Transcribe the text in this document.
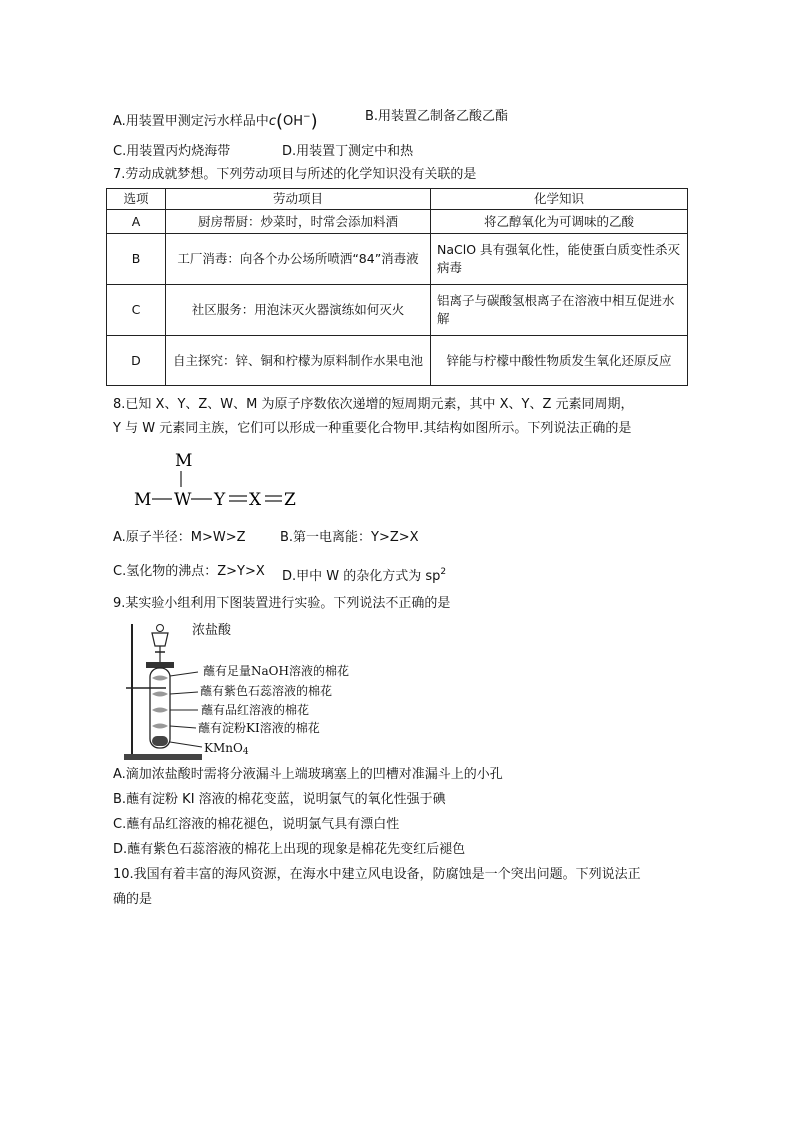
A.用装置甲测定污水样品中c(OH−)	B.用装置乙制备乙酸乙酯
C.用装置丙灼烧海带	D.用装置丁测定中和热
7.劳动成就梦想。下列劳动项目与所述的化学知识没有关联的是
选项	劳动项目	化学知识
A	厨房帮厨：炒菜时，时常会添加料酒	将乙醇氧化为可调味的乙酸
B	工厂消毒：向各个办公场所喷洒“84”消毒液	NaClO 具有强氧化性，能使蛋白质变性杀灭病毒
C	社区服务：用泡沫灭火器演练如何灭火	铝离子与碳酸氢根离子在溶液中相互促进水解
D	自主探究：锌、铜和柠檬为原料制作水果电池	锌能与柠檬中酸性物质发生氧化还原反应
8.已知 X、Y、Z、W、M 为原子序数依次递增的短周期元素，其中 X、Y、Z 元素同周期，
Y 与 W 元素同主族，它们可以形成一种重要化合物甲.其结构如图所示。下列说法正确的是
M
M W Y X Z
A.原子半径：M>W>Z	B.第一电离能：Y>Z>X
C.氢化物的沸点：Z>Y>X D.甲中 W 的杂化方式为 $sp^2$
9.某实验小组利用下图装置进行实验。下列说法不正确的是
浓盐酸
蘸有足量NaOH溶液的棉花
蘸有紫色石蕊溶液的棉花
蘸有品红溶液的棉花
蘸有淀粉KI溶液的棉花
KMnO$_4$
A.滴加浓盐酸时需将分液漏斗上端玻璃塞上的凹槽对准漏斗上的小孔
B.蘸有淀粉 KI 溶液的棉花变蓝，说明氯气的氧化性强于碘
C.蘸有品红溶液的棉花褪色，说明氯气具有漂白性
D.蘸有紫色石蕊溶液的棉花上出现的现象是棉花先变红后褪色
10.我国有着丰富的海风资源，在海水中建立风电设备，防腐蚀是一个突出问题。下列说法正
确的是
